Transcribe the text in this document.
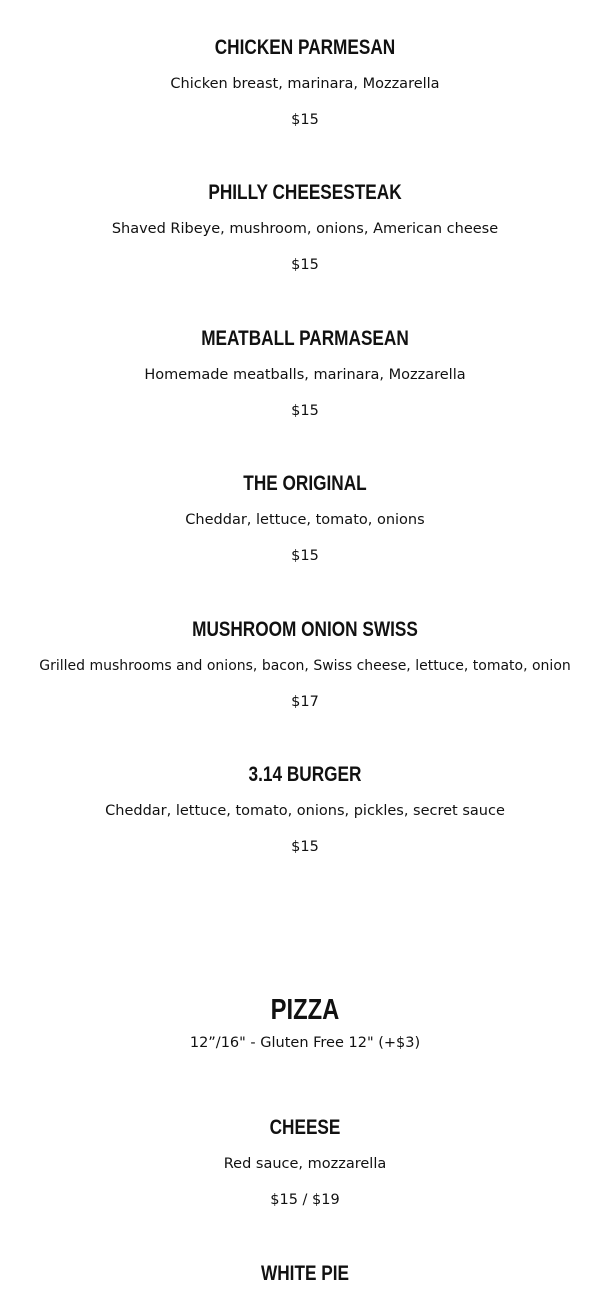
CHICKEN PARMESAN
Chicken breast, marinara, Mozzarella
$15
PHILLY CHEESESTEAK
Shaved Ribeye, mushroom, onions, American cheese
$15
MEATBALL PARMASEAN
Homemade meatballs, marinara, Mozzarella
$15
THE ORIGINAL
Cheddar, lettuce, tomato, onions
$15
MUSHROOM ONION SWISS
Grilled mushrooms and onions, bacon, Swiss cheese, lettuce, tomato, onion
$17
3.14 BURGER
Cheddar, lettuce, tomato, onions, pickles, secret sauce
$15
PIZZA
12”/16" - Gluten Free 12" (+$3)
CHEESE
Red sauce, mozzarella
$15 / $19
WHITE PIE
